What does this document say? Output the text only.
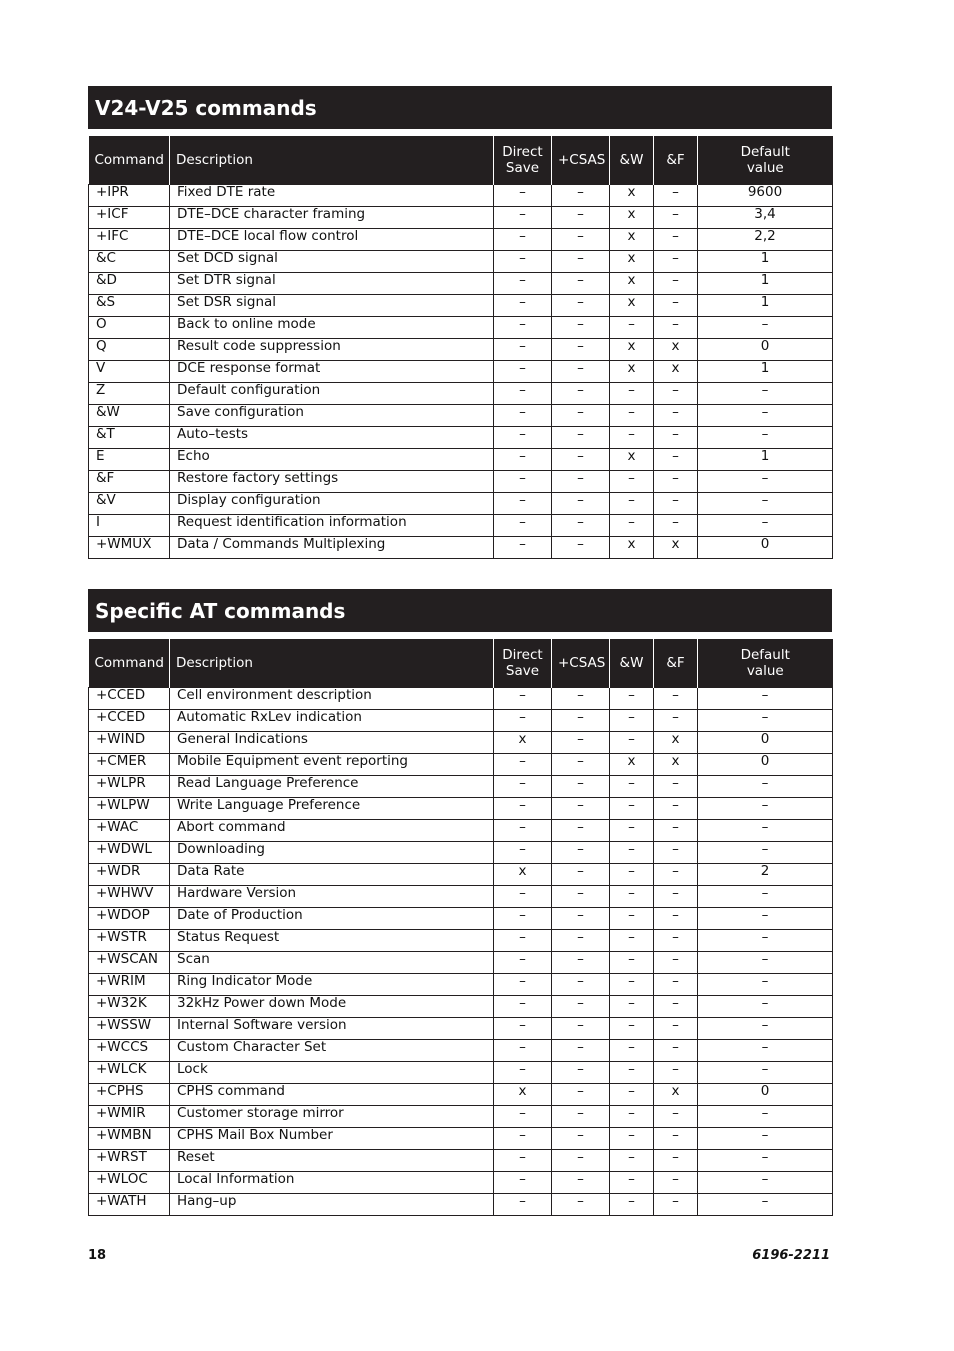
V24-V25 commands
Command	Description	Direct Save	+CSAS	&W	&F	Default value
+IPR	Fixed DTE rate	–	–	x	–	9600
+ICF	DTE–DCE character framing	–	–	x	–	3,4
+IFC	DTE–DCE local flow control	–	–	x	–	2,2
&C	Set DCD signal	–	–	x	–	1
&D	Set DTR signal	–	–	x	–	1
&S	Set DSR signal	–	–	x	–	1
O	Back to online mode	–	–	–	–	–
Q	Result code suppression	–	–	x	x	0
V	DCE response format	–	–	x	x	1
Z	Default configuration	–	–	–	–	–
&W	Save configuration	–	–	–	–	–
&T	Auto–tests	–	–	–	–	–
E	Echo	–	–	x	–	1
&F	Restore factory settings	–	–	–	–	–
&V	Display configuration	–	–	–	–	–
I	Request identification information	–	–	–	–	–
+WMUX	Data / Commands Multiplexing	–	–	x	x	0
Specific AT commands
Command	Description	Direct Save	+CSAS	&W	&F	Default value
+CCED	Cell environment description	–	–	–	–	–
+CCED	Automatic RxLev indication	–	–	–	–	–
+WIND	General Indications	x	–	–	x	0
+CMER	Mobile Equipment event reporting	–	–	x	x	0
+WLPR	Read Language Preference	–	–	–	–	–
+WLPW	Write Language Preference	–	–	–	–	–
+WAC	Abort command	–	–	–	–	–
+WDWL	Downloading	–	–	–	–	–
+WDR	Data Rate	x	–	–	–	2
+WHWV	Hardware Version	–	–	–	–	–
+WDOP	Date of Production	–	–	–	–	–
+WSTR	Status Request	–	–	–	–	–
+WSCAN	Scan	–	–	–	–	–
+WRIM	Ring Indicator Mode	–	–	–	–	–
+W32K	32kHz Power down Mode	–	–	–	–	–
+WSSW	Internal Software version	–	–	–	–	–
+WCCS	Custom Character Set	–	–	–	–	–
+WLCK	Lock	–	–	–	–	–
+CPHS	CPHS command	x	–	–	x	0
+WMIR	Customer storage mirror	–	–	–	–	–
+WMBN	CPHS Mail Box Number	–	–	–	–	–
+WRST	Reset	–	–	–	–	–
+WLOC	Local Information	–	–	–	–	–
+WATH	Hang–up	–	–	–	–	–
18	6196-2211
